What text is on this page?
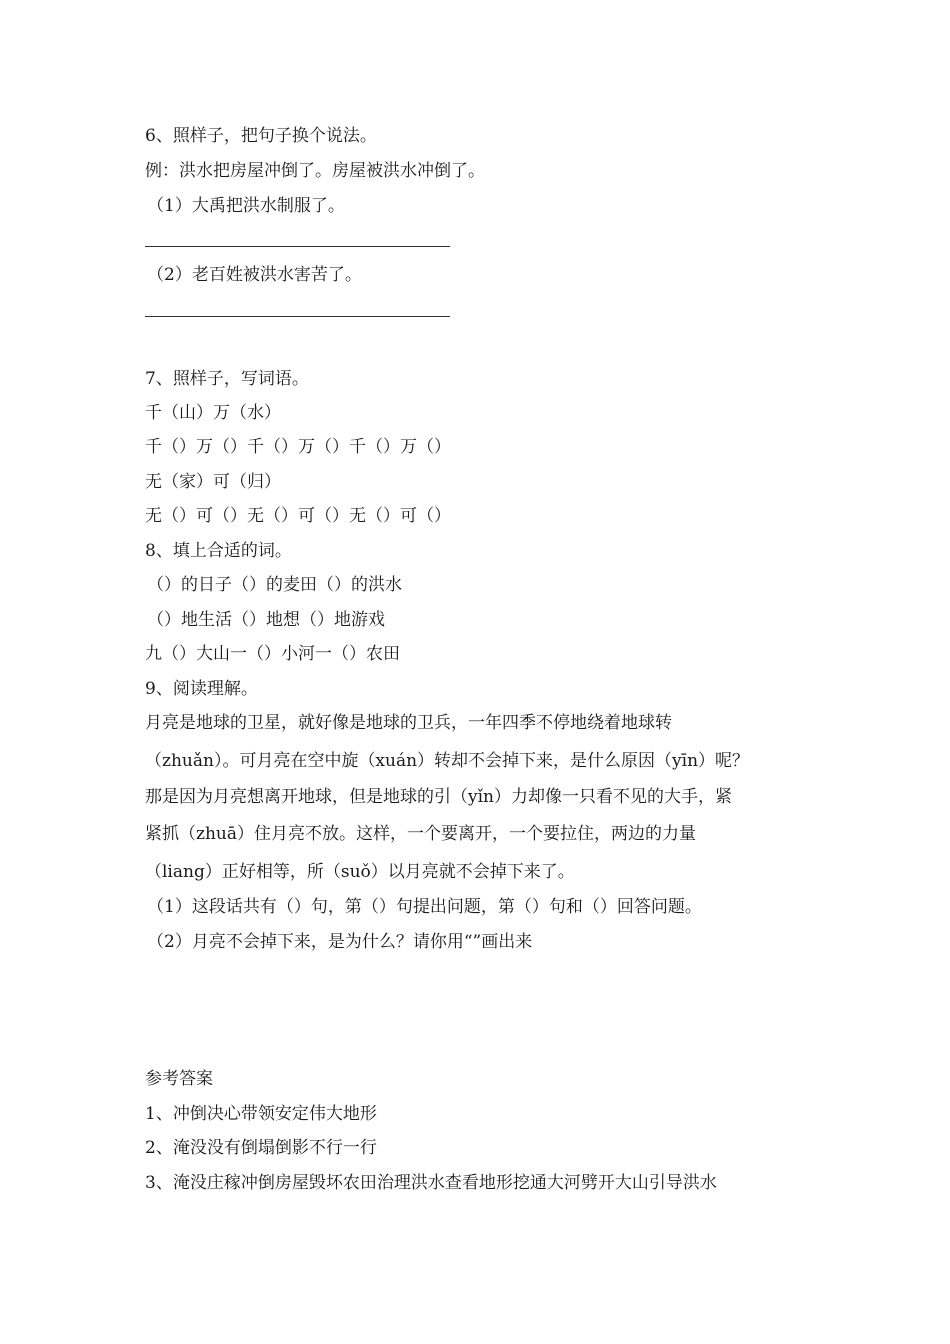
6、照样子，把句子换个说法。
例：洪水把房屋冲倒了。房屋被洪水冲倒了。
（1）大禹把洪水制服了。
（2）老百姓被洪水害苦了。
7、照样子，写词语。
千（山）万（水）
千（）万（）千（）万（）千（）万（）
无（家）可（归）
无（）可（）无（）可（）无（）可（）
8、填上合适的词。
（）的日子（）的麦田（）的洪水
（）地生活（）地想（）地游戏
九（）大山一（）小河一（）农田
9、阅读理解。
月亮是地球的卫星，就好像是地球的卫兵，一年四季不停地绕着地球转
（zhuǎn）。可月亮在空中旋（xuán）转却不会掉下来，是什么原因（yīn）呢？
那是因为月亮想离开地球，但是地球的引（yǐn）力却像一只看不见的大手，紧
紧抓（zhuā）住月亮不放。这样，一个要离开，一个要拉住，两边的力量
（liang）正好相等，所（suǒ）以月亮就不会掉下来了。
（1）这段话共有（）句，第（）句提出问题，第（）句和（）回答问题。
（2）月亮不会掉下来，是为什么？请你用“”画出来
参考答案
1、冲倒决心带领安定伟大地形
2、淹没没有倒塌倒影不行一行
3、淹没庄稼冲倒房屋毁坏农田治理洪水查看地形挖通大河劈开大山引导洪水
